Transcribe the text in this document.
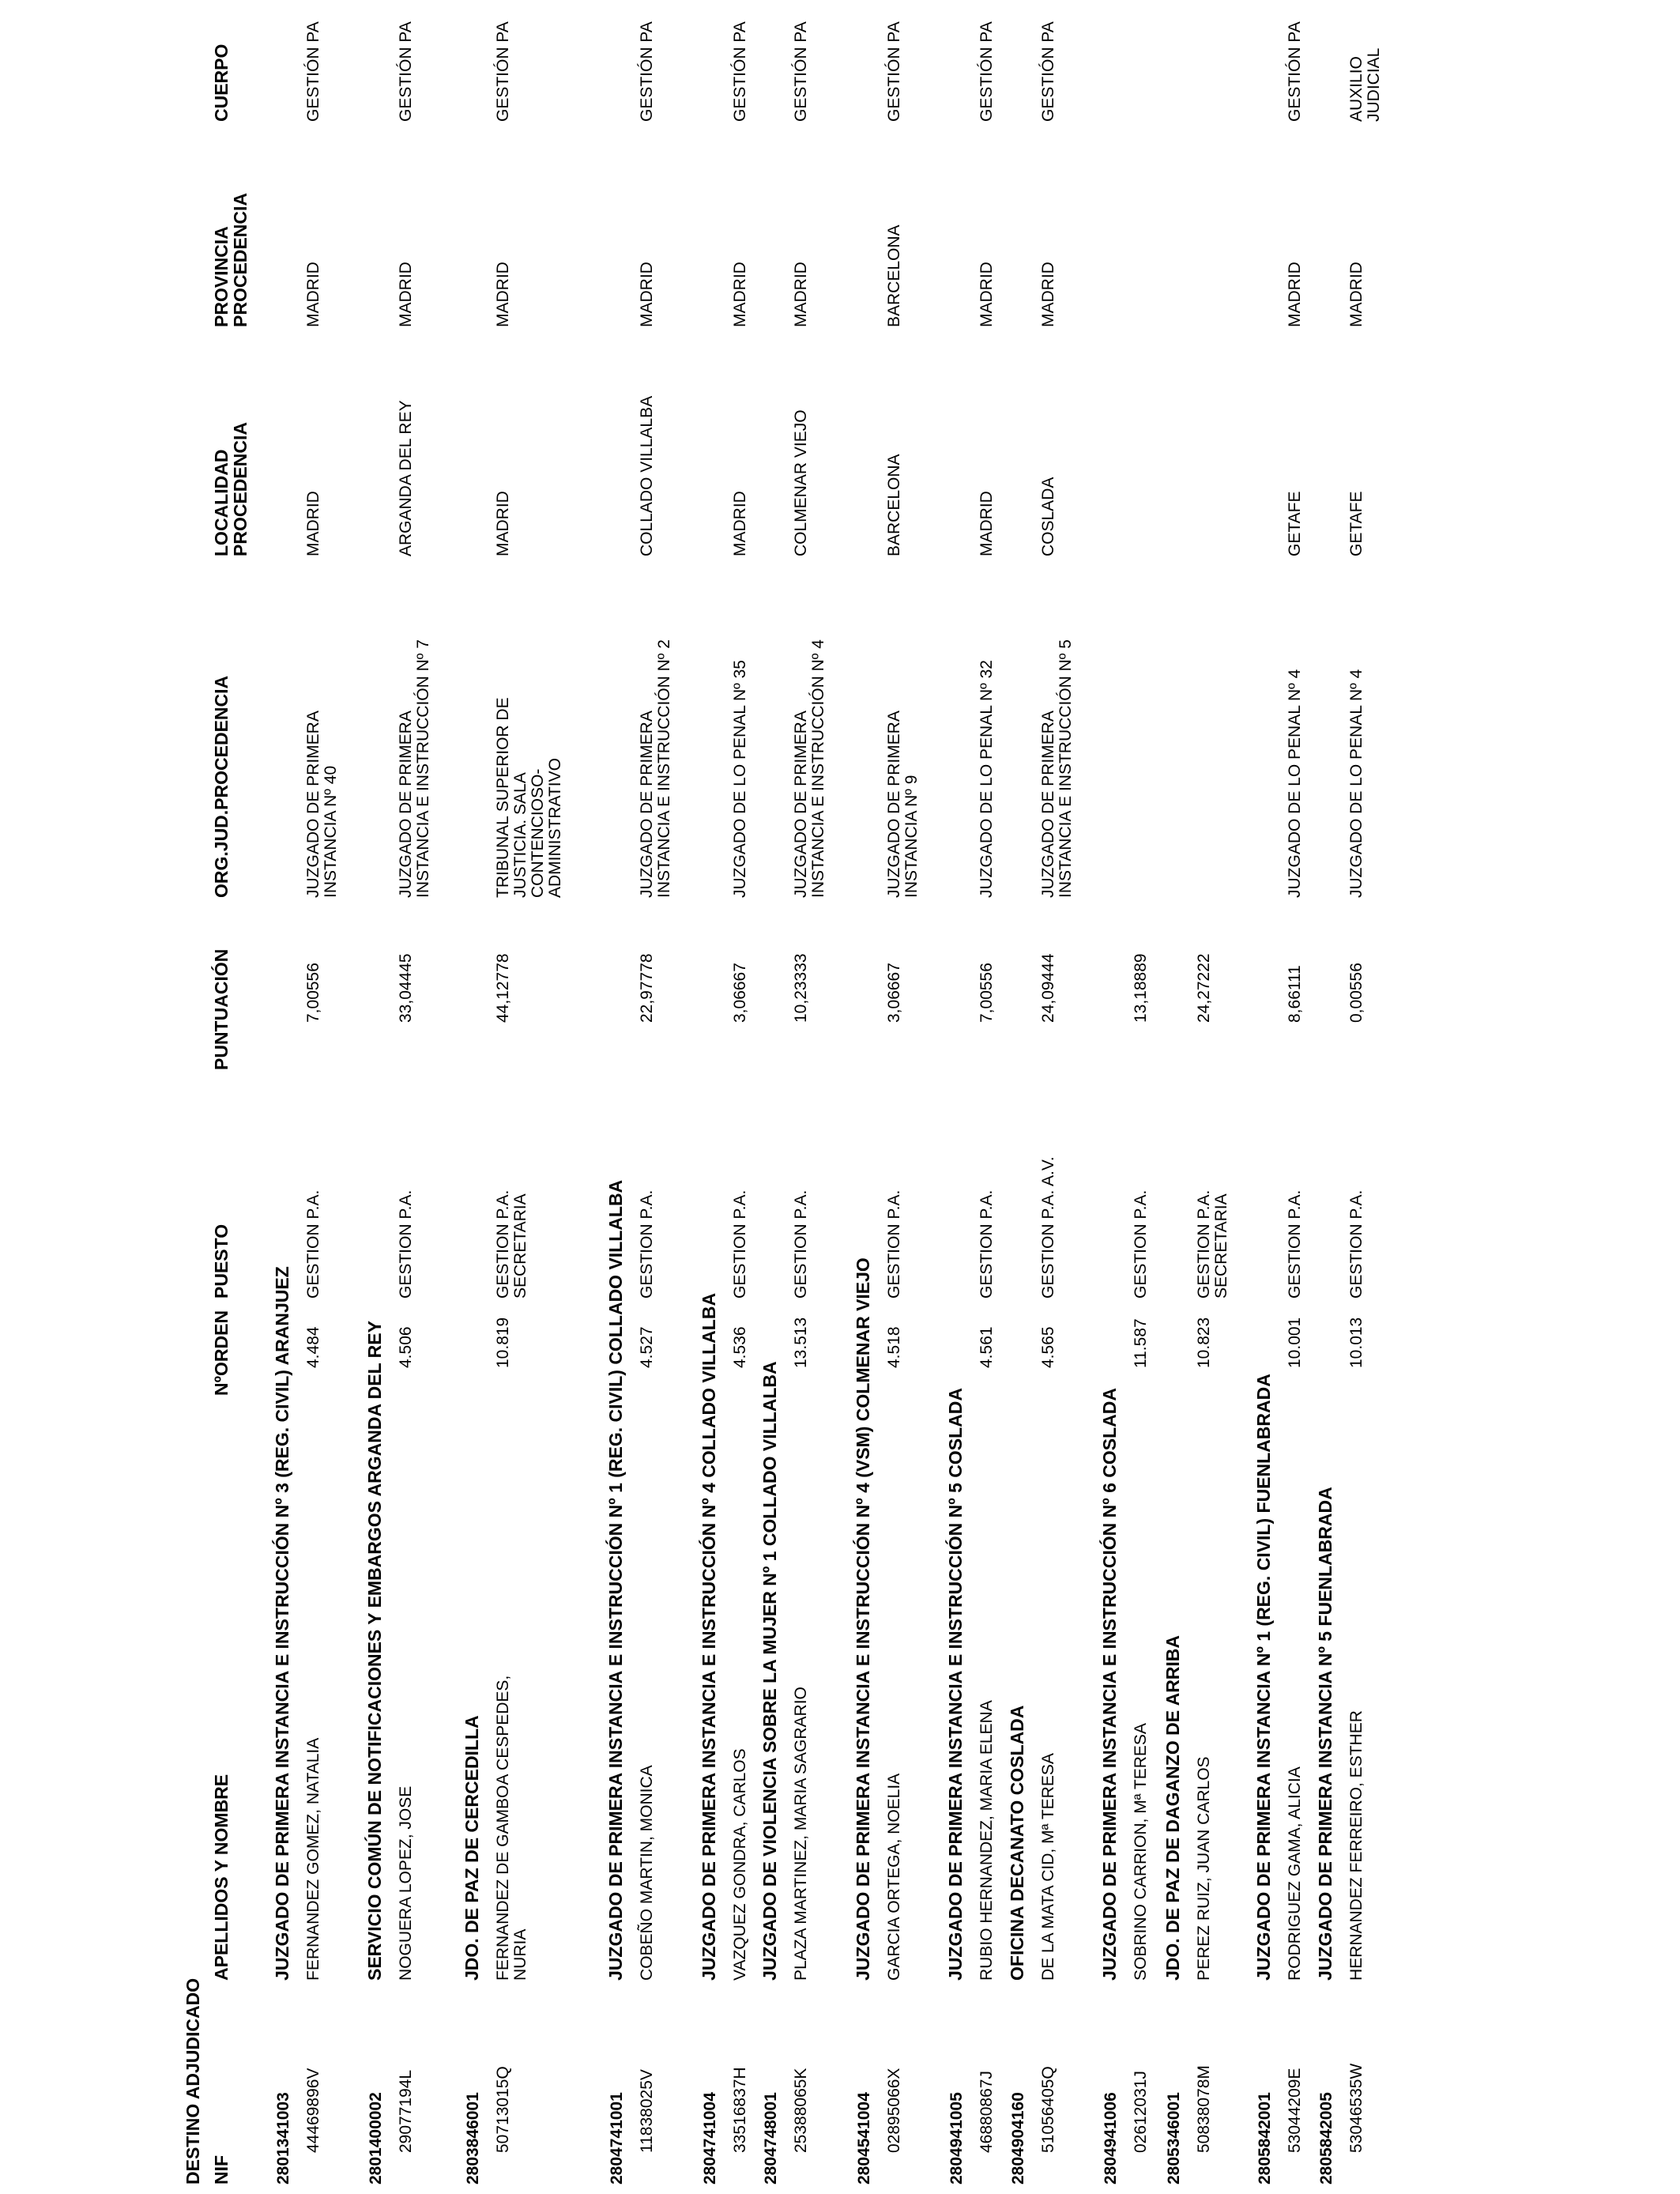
DESTINO ADJUDICADO NIF
APELLIDOS Y NOMBRE
NºORDEN
PUESTO
PUNTUACIÓN
ORG.JUD.PROCEDENCIA
LOCALIDAD
PROCEDENCIA
PROVINCIA
PROCEDENCIA
CUERPO
2801341003
JUZGADO DE PRIMERA INSTANCIA E INSTRUCCIÓN Nº 3 (REG. CIVIL) ARANJUEZ
44469896V
FERNANDEZ GOMEZ, NATALIA
4.484
GESTION P.A.
7,00556
JUZGADO DE PRIMERA
INSTANCIA Nº 40
MADRID
MADRID
GESTIÓN PA
2801400002
SERVICIO COMÚN DE NOTIFICACIONES Y EMBARGOS ARGANDA DEL REY
29077194L
NOGUERA LOPEZ, JOSE
4.506
GESTION P.A.
33,04445
JUZGADO DE PRIMERA
INSTANCIA E INSTRUCCIÓN Nº 7
ARGANDA DEL REY
MADRID
GESTIÓN PA
2803846001
JDO. DE PAZ DE CERCEDILLA
50713015Q
FERNANDEZ DE GAMBOA CESPEDES,
NURIA
10.819
GESTION P.A.
SECRETARIA
44,12778
TRIBUNAL SUPERIOR DE
JUSTICIA. SALA
CONTENCIOSO-
ADMINISTRATIVO
MADRID
MADRID
GESTIÓN PA
2804741001
JUZGADO DE PRIMERA INSTANCIA E INSTRUCCIÓN Nº 1 (REG. CIVIL) COLLADO VILLALBA
11838025V
COBEÑO MARTIN, MONICA
4.527
GESTION P.A.
22,97778
JUZGADO DE PRIMERA
INSTANCIA E INSTRUCCIÓN Nº 2
COLLADO VILLALBA
MADRID
GESTIÓN PA
2804741004
JUZGADO DE PRIMERA INSTANCIA E INSTRUCCIÓN Nº 4 COLLADO VILLALBA
33516837H
VAZQUEZ GONDRA, CARLOS
4.536
GESTION P.A.
3,06667
JUZGADO DE LO PENAL Nº 35
MADRID
MADRID
GESTIÓN PA
2804748001
JUZGADO DE VIOLENCIA SOBRE LA MUJER Nº 1 COLLADO VILLALBA
25388065K
PLAZA MARTINEZ, MARIA SAGRARIO
13.513
GESTION P.A.
10,23333
JUZGADO DE PRIMERA
INSTANCIA E INSTRUCCIÓN Nº 4
COLMENAR VIEJO
MADRID
GESTIÓN PA
2804541004
JUZGADO DE PRIMERA INSTANCIA E INSTRUCCIÓN Nº 4 (VSM) COLMENAR VIEJO
02895066X
GARCIA ORTEGA, NOELIA
4.518
GESTION P.A.
3,06667
JUZGADO DE PRIMERA
INSTANCIA Nº 9
BARCELONA
BARCELONA
GESTIÓN PA
2804941005
JUZGADO DE PRIMERA INSTANCIA E INSTRUCCIÓN Nº 5 COSLADA
46880867J
RUBIO HERNANDEZ, MARIA ELENA
4.561
GESTION P.A.
7,00556
JUZGADO DE LO PENAL Nº 32
MADRID
MADRID
GESTIÓN PA
2804904160
OFICINA DECANATO COSLADA
51056405Q
DE LA MATA CID, Mª TERESA
4.565
GESTION P.A. A.V.
24,09444
JUZGADO DE PRIMERA
INSTANCIA E INSTRUCCIÓN Nº 5
COSLADA
MADRID
GESTIÓN PA
2804941006
JUZGADO DE PRIMERA INSTANCIA E INSTRUCCIÓN Nº 6 COSLADA
02612031J
SOBRINO CARRION, Mª TERESA
11.587
GESTION P.A.
13,18889
2805346001
JDO. DE PAZ DE DAGANZO DE ARRIBA
50838078M
PEREZ RUIZ, JUAN CARLOS
10.823
GESTION P.A.
SECRETARIA
24,27222
2805842001
JUZGADO DE PRIMERA INSTANCIA Nº 1 (REG. CIVIL) FUENLABRADA
53044209E
RODRIGUEZ GAMA, ALICIA
10.001
GESTION P.A.
8,66111
JUZGADO DE LO PENAL Nº 4
GETAFE
MADRID
GESTIÓN PA
2805842005
JUZGADO DE PRIMERA INSTANCIA Nº 5 FUENLABRADA
53046535W
HERNANDEZ FERREIRO, ESTHER
10.013
GESTION P.A.
0,00556
JUZGADO DE LO PENAL Nº 4
GETAFE
MADRID
AUXILIO
JUDICIAL
